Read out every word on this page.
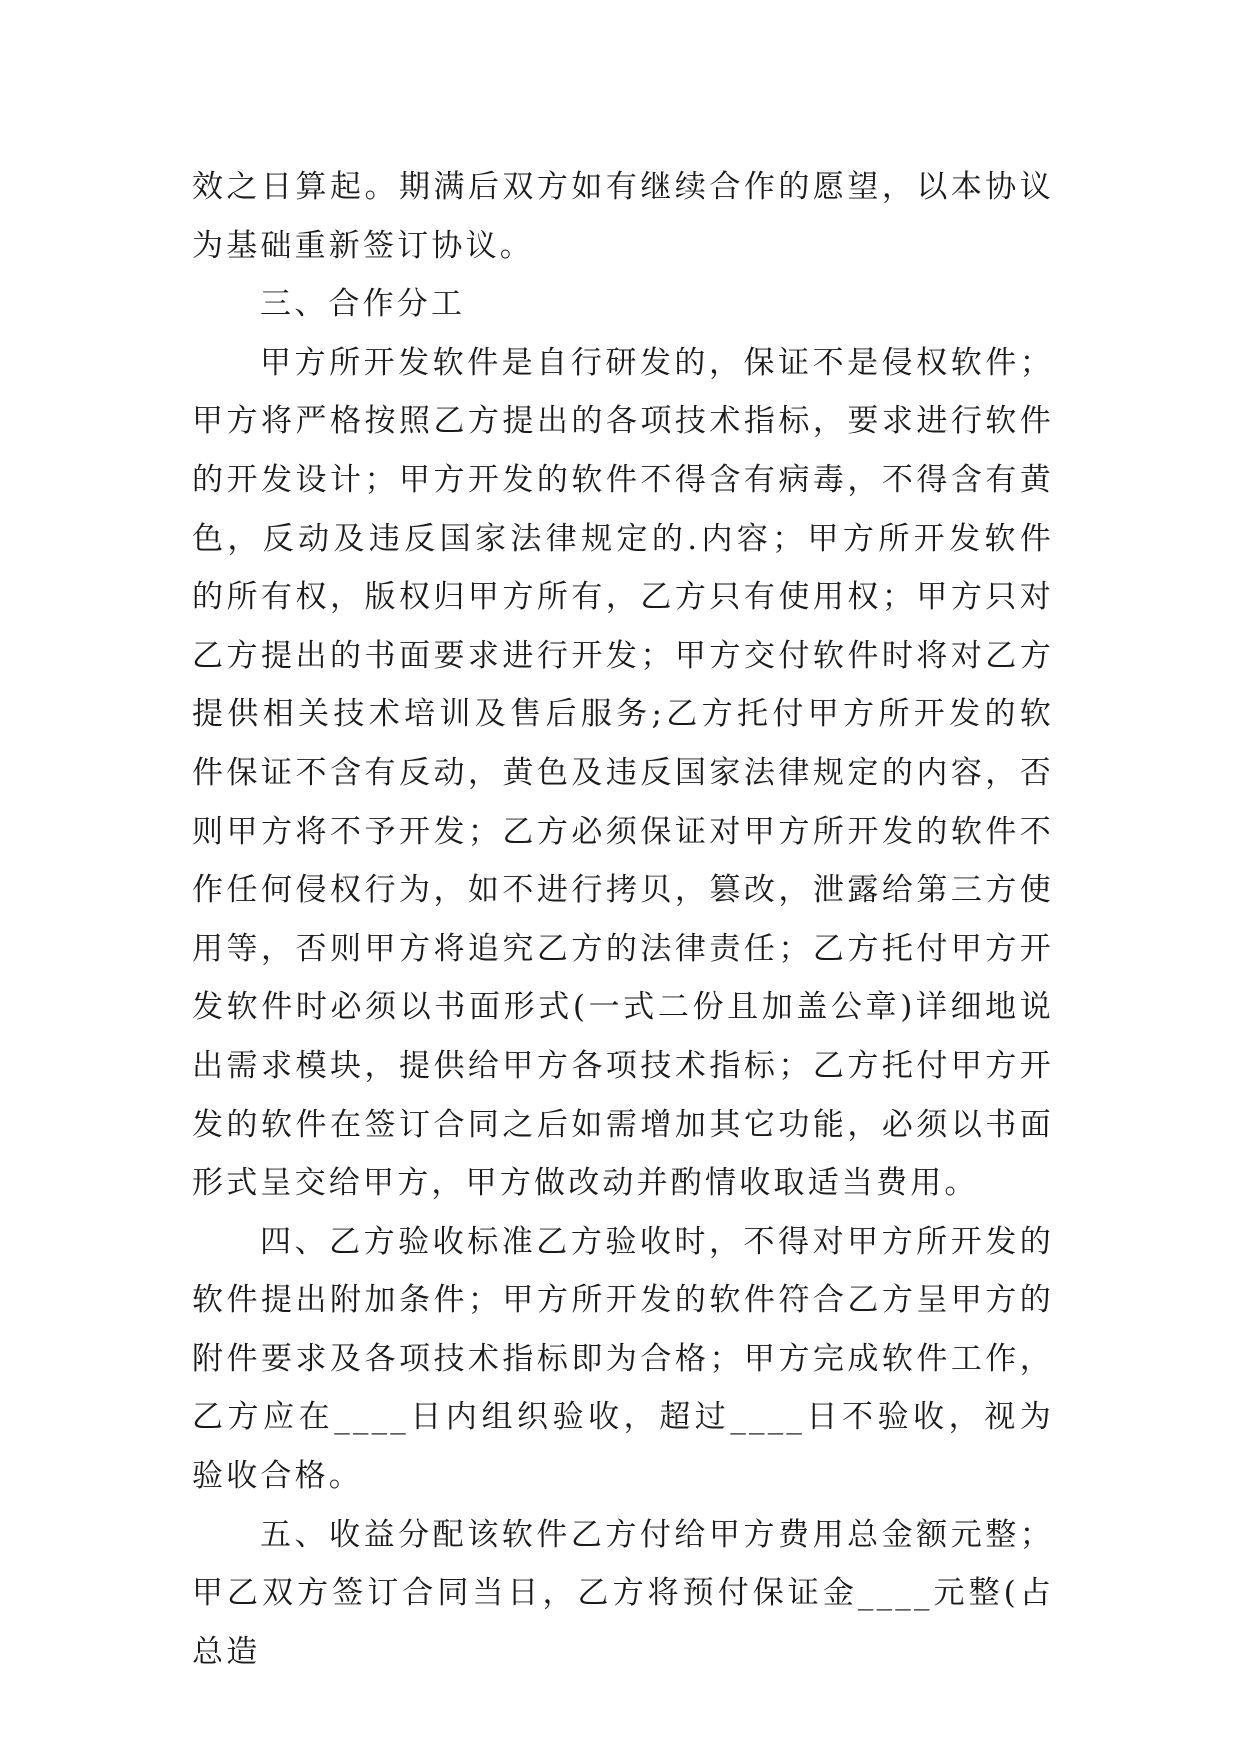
效之日算起。期满后双方如有继续合作的愿望，以本协议为基础重新签订协议。

三、合作分工

甲方所开发软件是自行研发的，保证不是侵权软件；甲方将严格按照乙方提出的各项技术指标，要求进行软件的开发设计；甲方开发的软件不得含有病毒，不得含有黄色，反动及违反国家法律规定的.内容；甲方所开发软件的所有权，版权归甲方所有，乙方只有使用权；甲方只对乙方提出的书面要求进行开发；甲方交付软件时将对乙方提供相关技术培训及售后服务;乙方托付甲方所开发的软件保证不含有反动，黄色及违反国家法律规定的内容，否则甲方将不予开发；乙方必须保证对甲方所开发的软件不作任何侵权行为，如不进行拷贝，篡改，泄露给第三方使用等，否则甲方将追究乙方的法律责任；乙方托付甲方开发软件时必须以书面形式(一式二份且加盖公章)详细地说出需求模块，提供给甲方各项技术指标；乙方托付甲方开发的软件在签订合同之后如需增加其它功能，必须以书面形式呈交给甲方，甲方做改动并酌情收取适当费用。

四、乙方验收标准乙方验收时，不得对甲方所开发的软件提出附加条件；甲方所开发的软件符合乙方呈甲方的附件要求及各项技术指标即为合格；甲方完成软件工作，乙方应在____日内组织验收，超过____日不验收，视为验收合格。

五、收益分配该软件乙方付给甲方费用总金额元整；甲乙双方签订合同当日，乙方将预付保证金____元整(占总造
